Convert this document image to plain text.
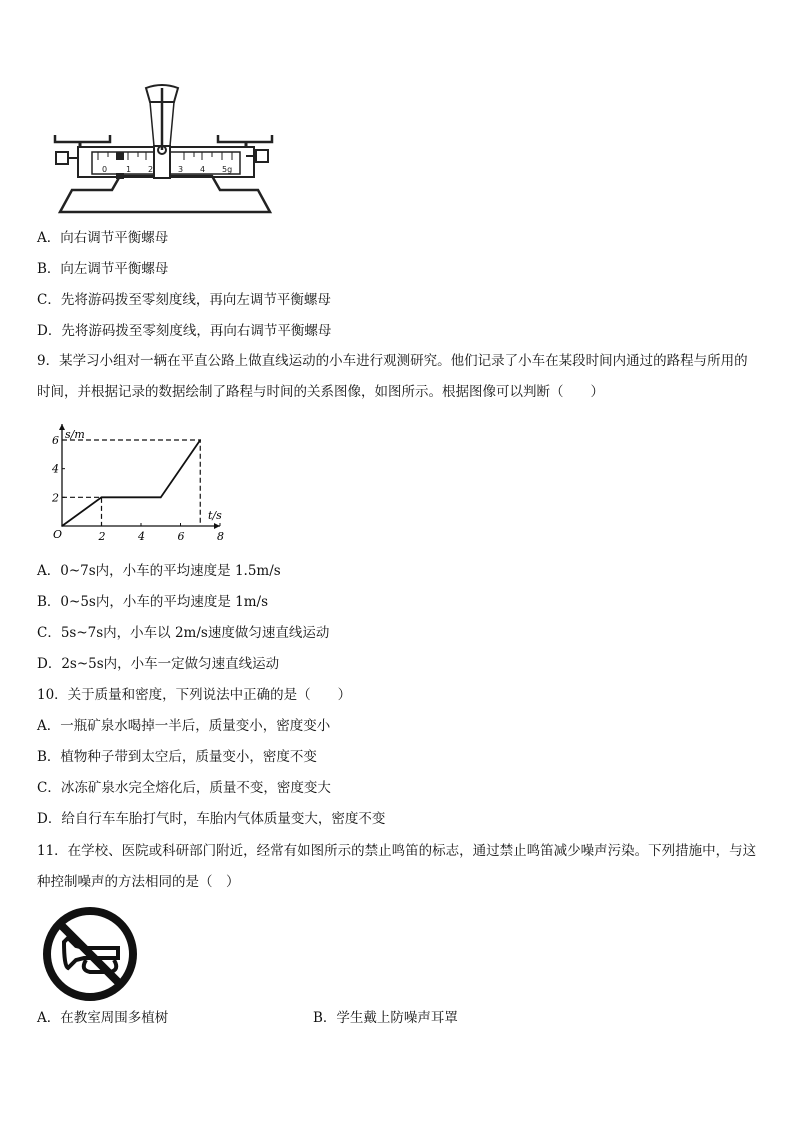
0 1 2	3 4 5g
A．向右调节平衡螺母
B．向左调节平衡螺母
C．先将游码拨至零刻度线，再向左调节平衡螺母
D．先将游码拨至零刻度线，再向右调节平衡螺母
9．某学习小组对一辆在平直公路上做直线运动的小车进行观测研究。他们记录了小车在某段时间内通过的路程与所用的时间，并根据记录的数据绘制了路程与时间的关系图像，如图所示。根据图像可以判断（　　）
s/m
t/s
O	2	4	6	8
2
4
6
A．0~7s内，小车的平均速度是 1.5m/s
B．0~5s内，小车的平均速度是 1m/s
C．5s~7s内，小车以 2m/s速度做匀速直线运动
D．2s~5s内，小车一定做匀速直线运动
10．关于质量和密度，下列说法中正确的是（　　）
A．一瓶矿泉水喝掉一半后，质量变小，密度变小
B．植物种子带到太空后，质量变小，密度不变
C．冰冻矿泉水完全熔化后，质量不变，密度变大
D．给自行车车胎打气时，车胎内气体质量变大，密度不变
11．在学校、医院或科研部门附近，经常有如图所示的禁止鸣笛的标志，通过禁止鸣笛减少噪声污染。下列措施中，与这种控制噪声的方法相同的是（　）
A．在教室周围多植树	B．学生戴上防噪声耳罩
